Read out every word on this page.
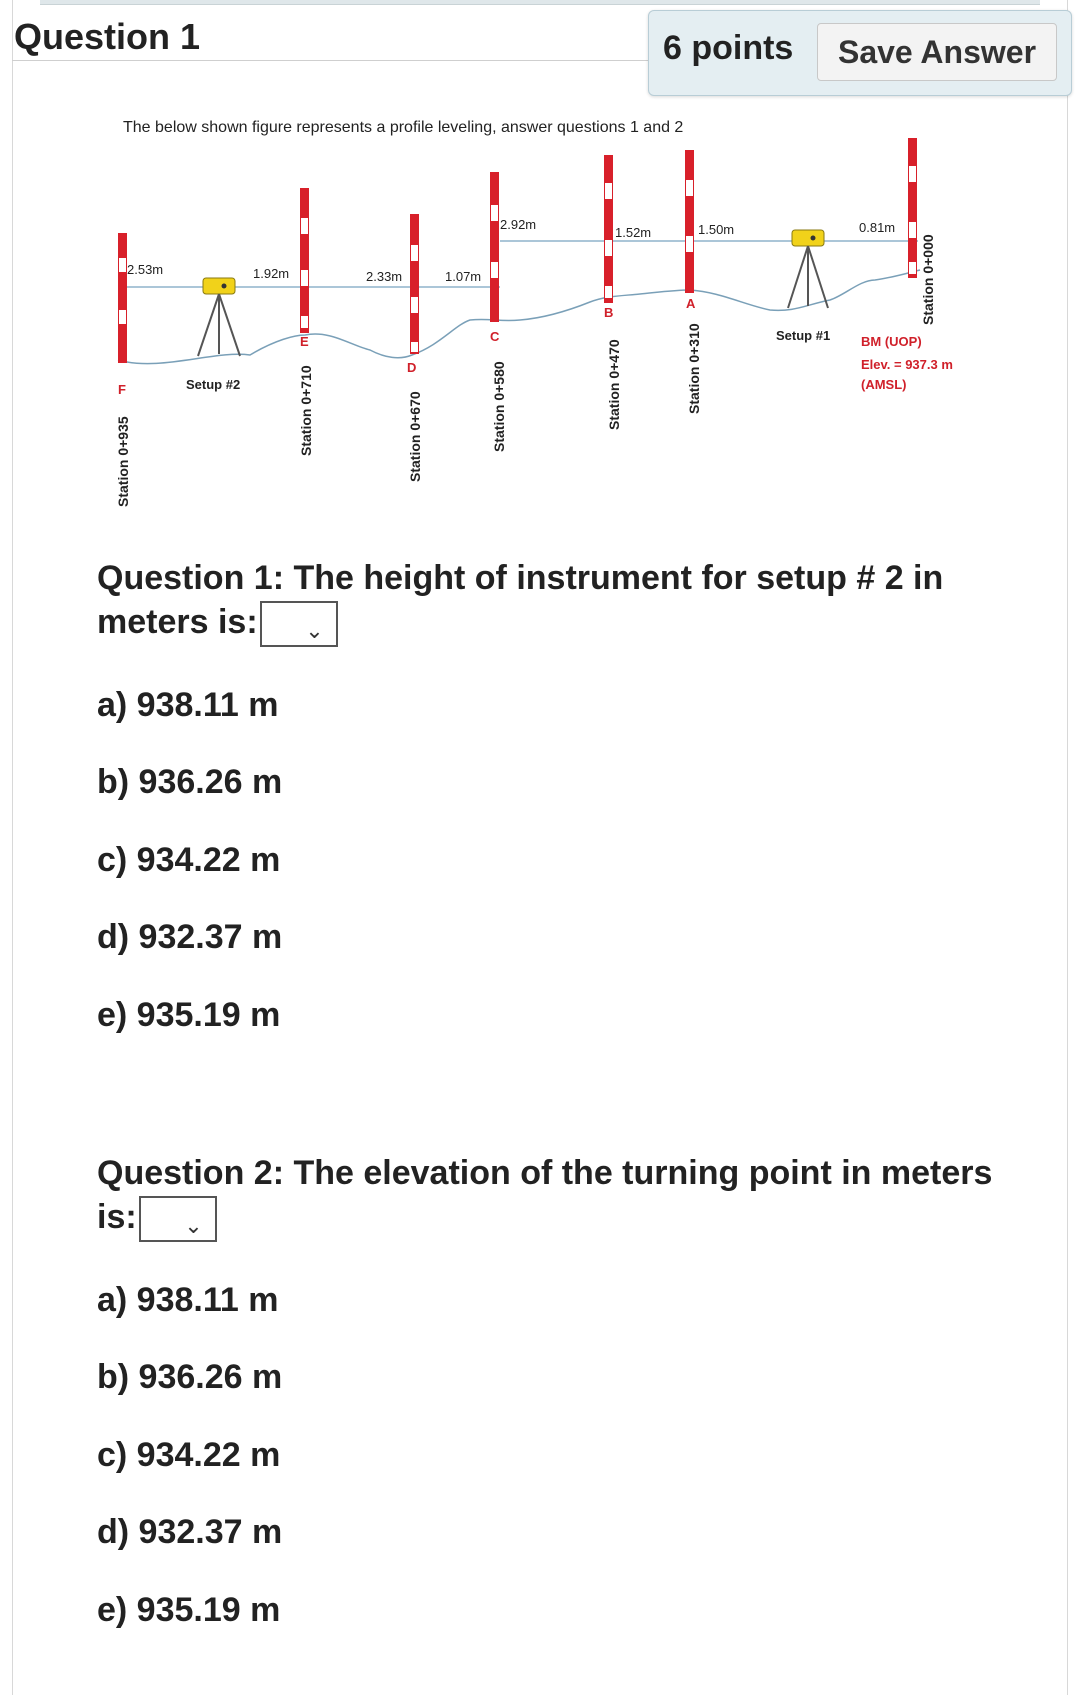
Question 1	6 points	Save Answer
The below shown figure represents a profile leveling, answer questions 1 and 2
2.53m	1.92m	2.33m	1.07m
2.92m
1.52m	1.50m	0.81m
F
E
D
C
B
A
Station 0+935
Station 0+710	Station 0+670	Station 0+580	Station 0+470	Station 0+310
Station 0+000
Setup #2
Setup #1 BM (UOP)
Elev. = 937.3 m
(AMSL)
Question 1: The height of instrument for setup # 2 in meters is: ⌄
a) 938.11 m
b) 936.26 m
c) 934.22 m
d) 932.37 m
e) 935.19 m
Question 2: The elevation of the turning point in meters is: ⌄
a) 938.11 m
b) 936.26 m
c) 934.22 m
d) 932.37 m
e) 935.19 m
